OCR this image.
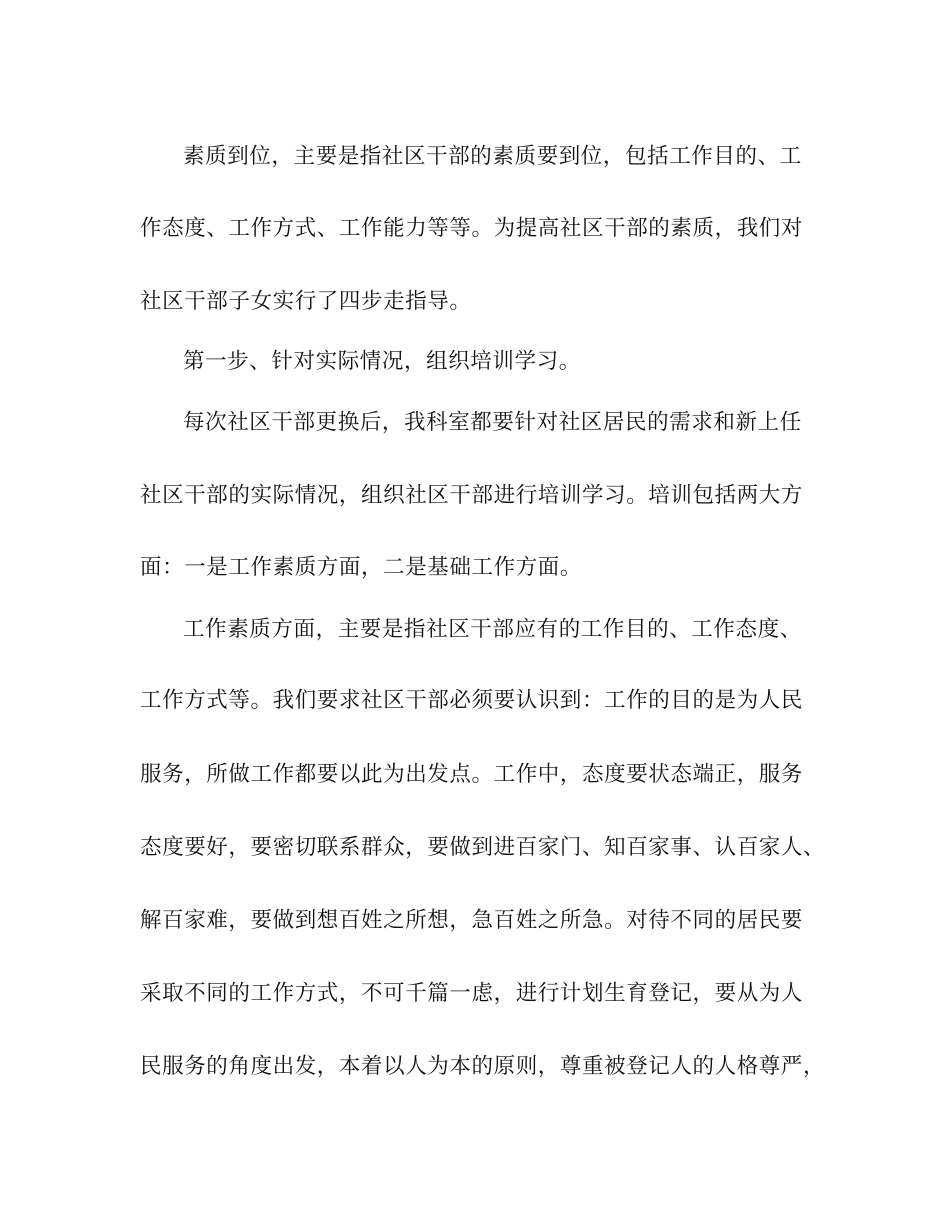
素质到位，主要是指社区干部的素质要到位，包括工作目的、工
作态度、工作方式、工作能力等等。为提高社区干部的素质，我们对
社区干部子女实行了四步走指导。
第一步、针对实际情况，组织培训学习。
每次社区干部更换后，我科室都要针对社区居民的需求和新上任
社区干部的实际情况，组织社区干部进行培训学习。培训包括两大方
面：一是工作素质方面，二是基础工作方面。
工作素质方面，主要是指社区干部应有的工作目的、工作态度、
工作方式等。我们要求社区干部必须要认识到：工作的目的是为人民
服务，所做工作都要以此为出发点。工作中，态度要状态端正，服务
态度要好，要密切联系群众，要做到进百家门、知百家事、认百家人、
解百家难，要做到想百姓之所想，急百姓之所急。对待不同的居民要
采取不同的工作方式，不可千篇一虑，进行计划生育登记，要从为人
民服务的角度出发，本着以人为本的原则，尊重被登记人的人格尊严，
